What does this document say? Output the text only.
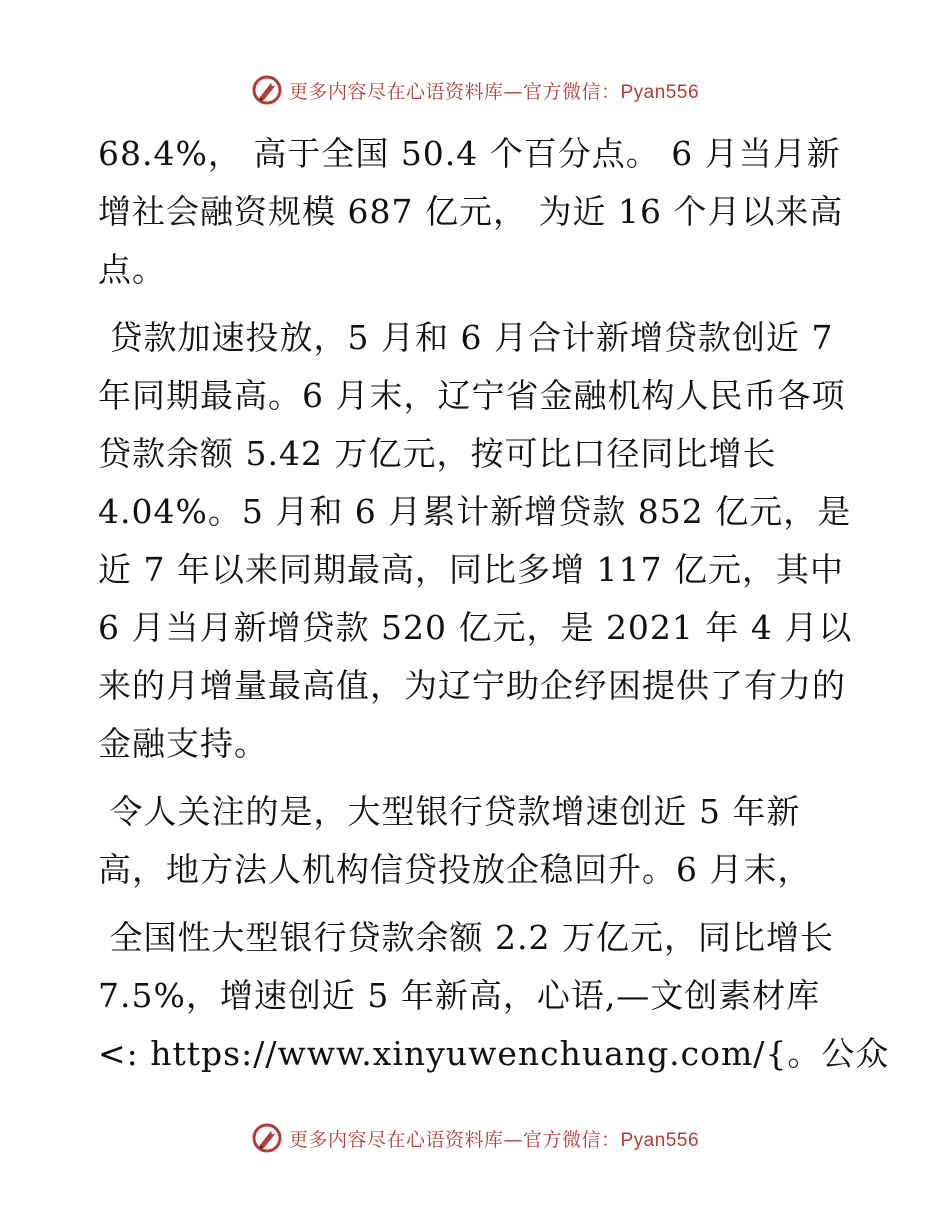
更多内容尽在心语资料库—官方微信：Pyan556
68.4%， 高于全国 50.4 个百分点。 6 月当月新
增社会融资规模 687 亿元， 为近 16 个月以来高
点。
贷款加速投放，5 月和 6 月合计新增贷款创近 7
年同期最高。6 月末，辽宁省金融机构人民币各项
贷款余额 5.42 万亿元，按可比口径同比增长
4.04%。5 月和 6 月累计新增贷款 852 亿元，是
近 7 年以来同期最高，同比多增 117 亿元，其中
6 月当月新增贷款 520 亿元，是 2021 年 4 月以
来的月增量最高值，为辽宁助企纾困提供了有力的
金融支持。
令人关注的是，大型银行贷款增速创近 5 年新
高，地方法人机构信贷投放企稳回升。6 月末，
全国性大型银行贷款余额 2.2 万亿元，同比增长
7.5%，增速创近 5 年新高，心语,—文创素材库
<: https://www.xinyuwenchuang.com/{。公众
更多内容尽在心语资料库—官方微信：Pyan556
